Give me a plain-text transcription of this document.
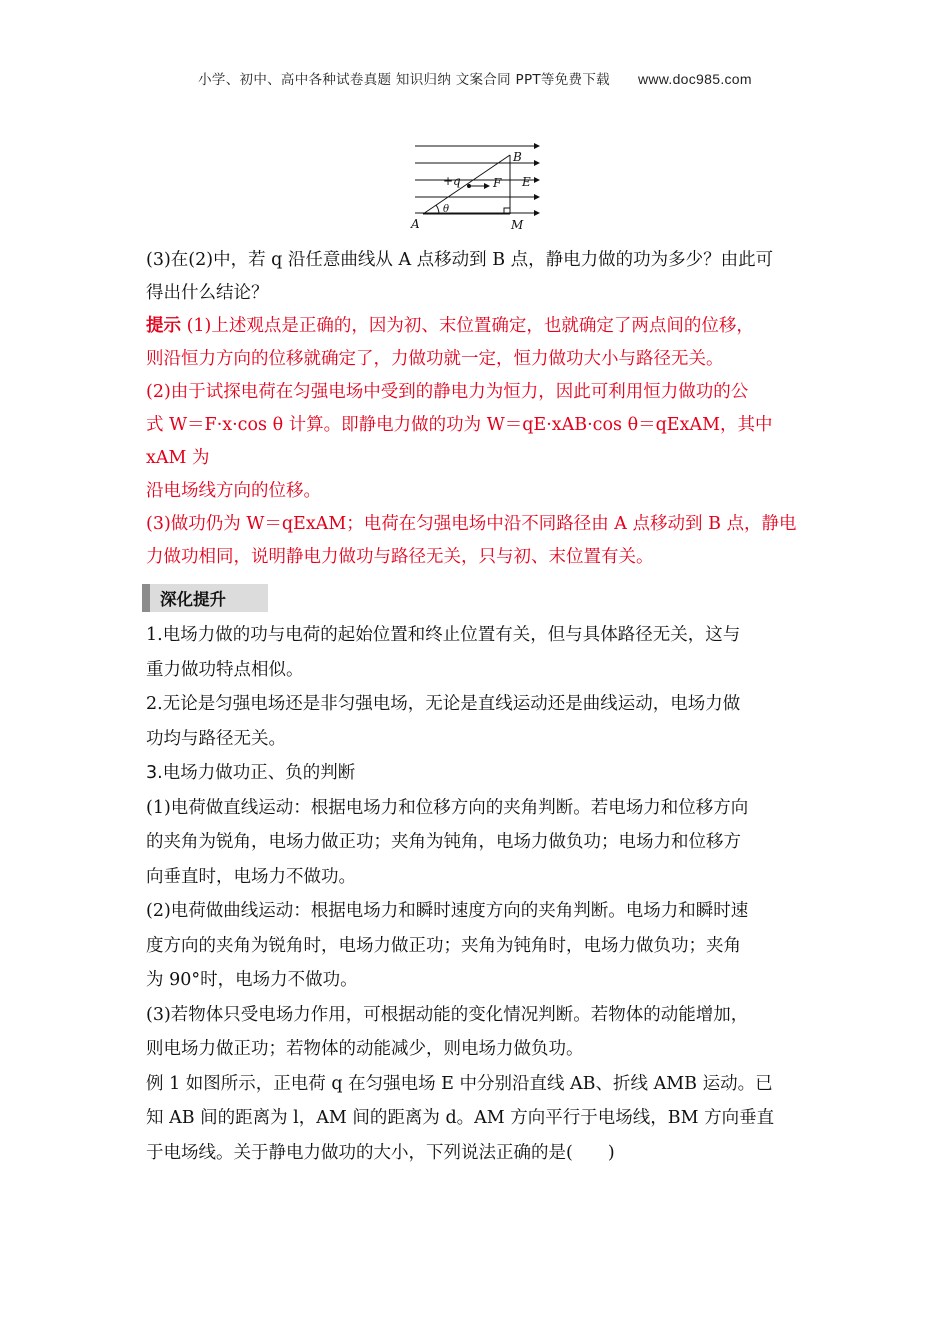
小学、初中、高中各种试卷真题 知识归纳 文案合同 PPT等免费下载 www.doc985.com
B
E
+q	F
θ
A	M

(3)在(2)中，若 q 沿任意曲线从 A 点移动到 B 点，静电力做的功为多少？由此可

得出什么结论？

提示 (1)上述观点是正确的，因为初、末位置确定，也就确定了两点间的位移，

则沿恒力方向的位移就确定了，力做功就一定，恒力做功大小与路径无关。

(2)由于试探电荷在匀强电场中受到的静电力为恒力，因此可利用恒力做功的公

式 W＝F·x·cos θ 计算。即静电力做的功为 W＝qE·xAB·cos θ＝qExAM，其中 xAM 为

沿电场线方向的位移。

(3)做功仍为 W＝qExAM；电荷在匀强电场中沿不同路径由 A 点移动到 B 点，静电

力做功相同，说明静电力做功与路径无关，只与初、末位置有关。

深化提升

1.电场力做的功与电荷的起始位置和终止位置有关，但与具体路径无关，这与

重力做功特点相似。

2.无论是匀强电场还是非匀强电场，无论是直线运动还是曲线运动，电场力做

功均与路径无关。

3.电场力做功正、负的判断

(1)电荷做直线运动：根据电场力和位移方向的夹角判断。若电场力和位移方向

的夹角为锐角，电场力做正功；夹角为钝角，电场力做负功；电场力和位移方

向垂直时，电场力不做功。

(2)电荷做曲线运动：根据电场力和瞬时速度方向的夹角判断。电场力和瞬时速

度方向的夹角为锐角时，电场力做正功；夹角为钝角时，电场力做负功；夹角

为 90°时，电场力不做功。

(3)若物体只受电场力作用，可根据动能的变化情况判断。若物体的动能增加，

则电场力做正功；若物体的动能减少，则电场力做负功。

例 1 如图所示，正电荷 q 在匀强电场 E 中分别沿直线 AB、折线 AMB 运动。已

知 AB 间的距离为 l，AM 间的距离为 d。AM 方向平行于电场线，BM 方向垂直

于电场线。关于静电力做功的大小，下列说法正确的是(　　)
